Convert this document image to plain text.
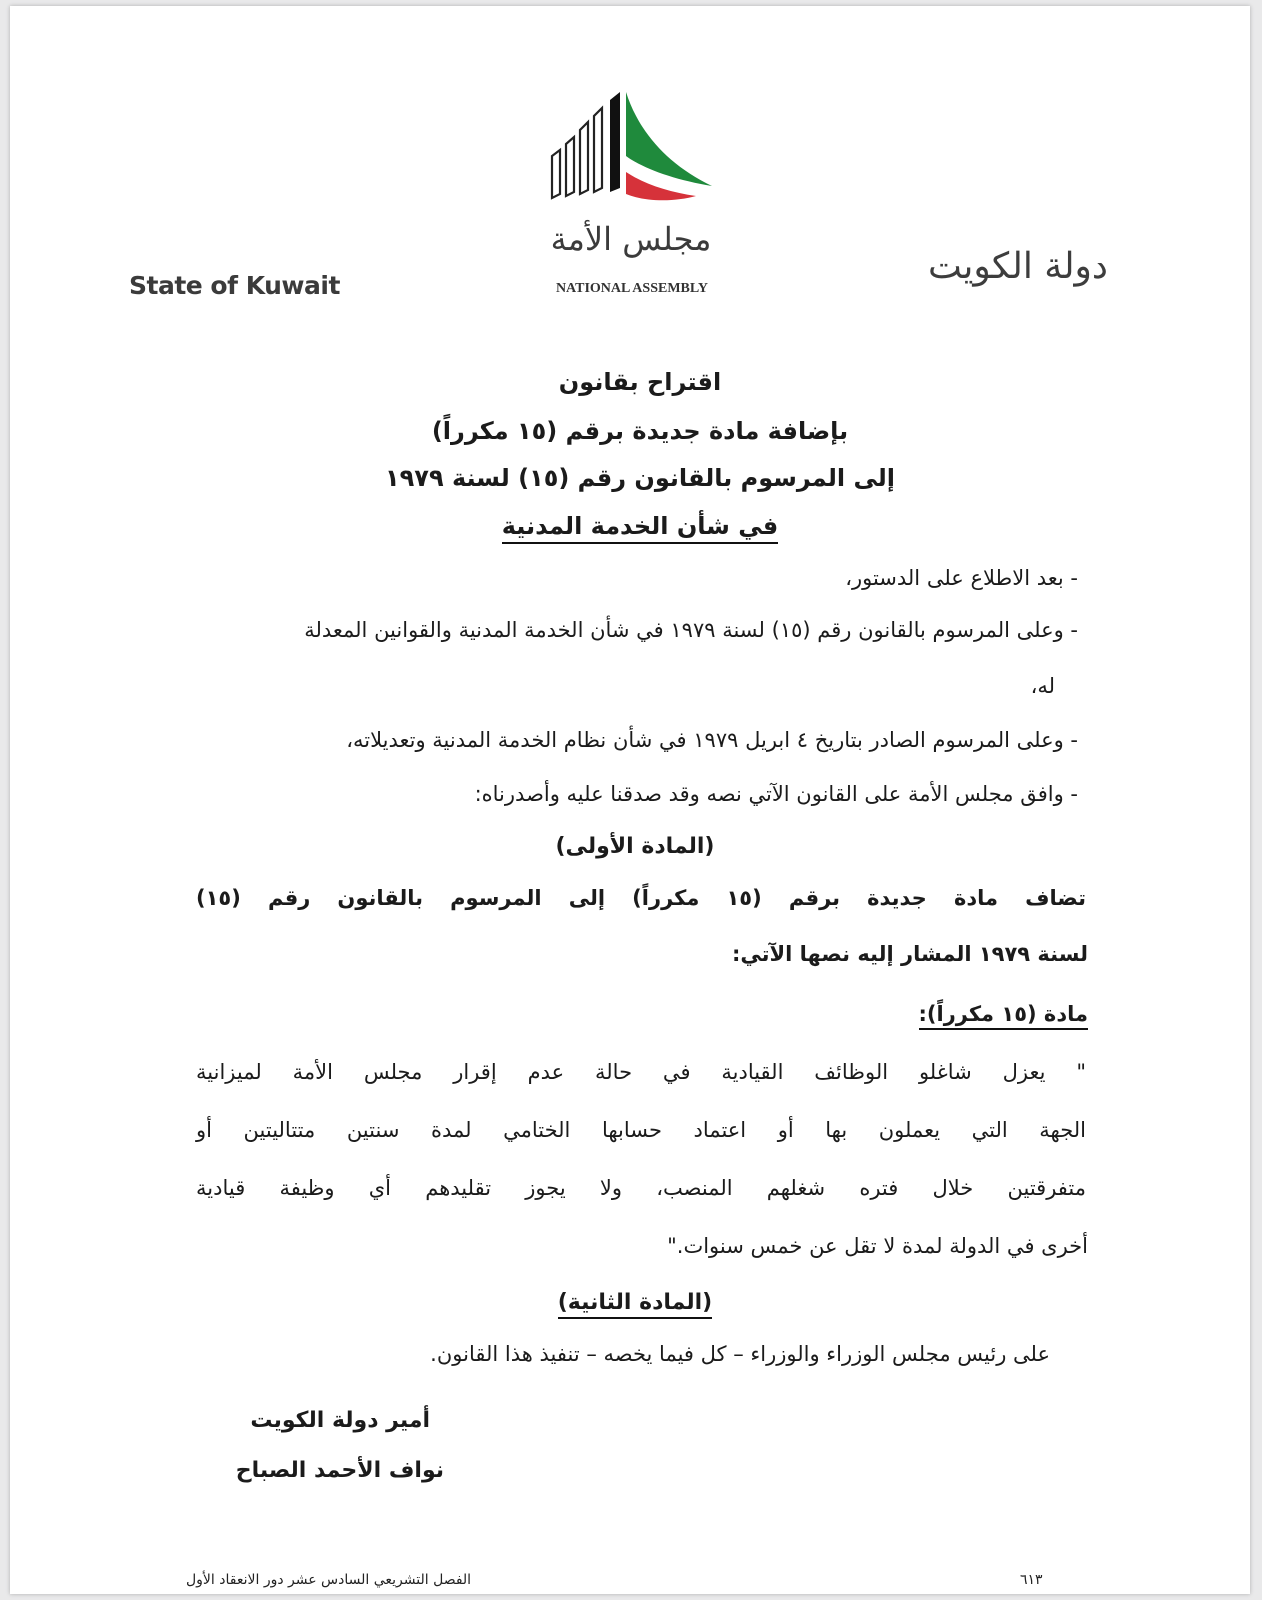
State of Kuwait
مجلس الأمة
NATIONAL ASSEMBLY
دولة الكويت
اقتراح بقانون
بإضافة مادة جديدة برقم (١٥ مكرراً)
إلى المرسوم بالقانون رقم (١٥) لسنة ١٩٧٩
في شأن الخدمة المدنية
- بعد الاطلاع على الدستور،
- وعلى المرسوم بالقانون رقم (١٥) لسنة ١٩٧٩ في شأن الخدمة المدنية والقوانين المعدلة
له،
- وعلى المرسوم الصادر بتاريخ ٤ ابريل ١٩٧٩ في شأن نظام الخدمة المدنية وتعديلاته،
- وافق مجلس الأمة على القانون الآتي نصه وقد صدقنا عليه وأصدرناه:
(المادة الأولى)
تضاف مادة جديدة برقم (١٥ مكرراً) إلى المرسوم بالقانون رقم (١٥)
لسنة ١٩٧٩ المشار إليه نصها الآتي:
مادة (١٥ مكرراً):
" يعزل شاغلو الوظائف القيادية في حالة عدم إقرار مجلس الأمة لميزانية
الجهة التي يعملون بها أو اعتماد حسابها الختامي لمدة سنتين متتاليتين أو
متفرقتين خلال فتره شغلهم المنصب، ولا يجوز تقليدهم أي وظيفة قيادية
أخرى في الدولة لمدة لا تقل عن خمس سنوات."
(المادة الثانية)
على رئيس مجلس الوزراء والوزراء – كل فيما يخصه – تنفيذ هذا القانون.
أمير دولة الكويت
نواف الأحمد الصباح
الفصل التشريعي السادس عشر دور الانعقاد الأول	٦١٣
